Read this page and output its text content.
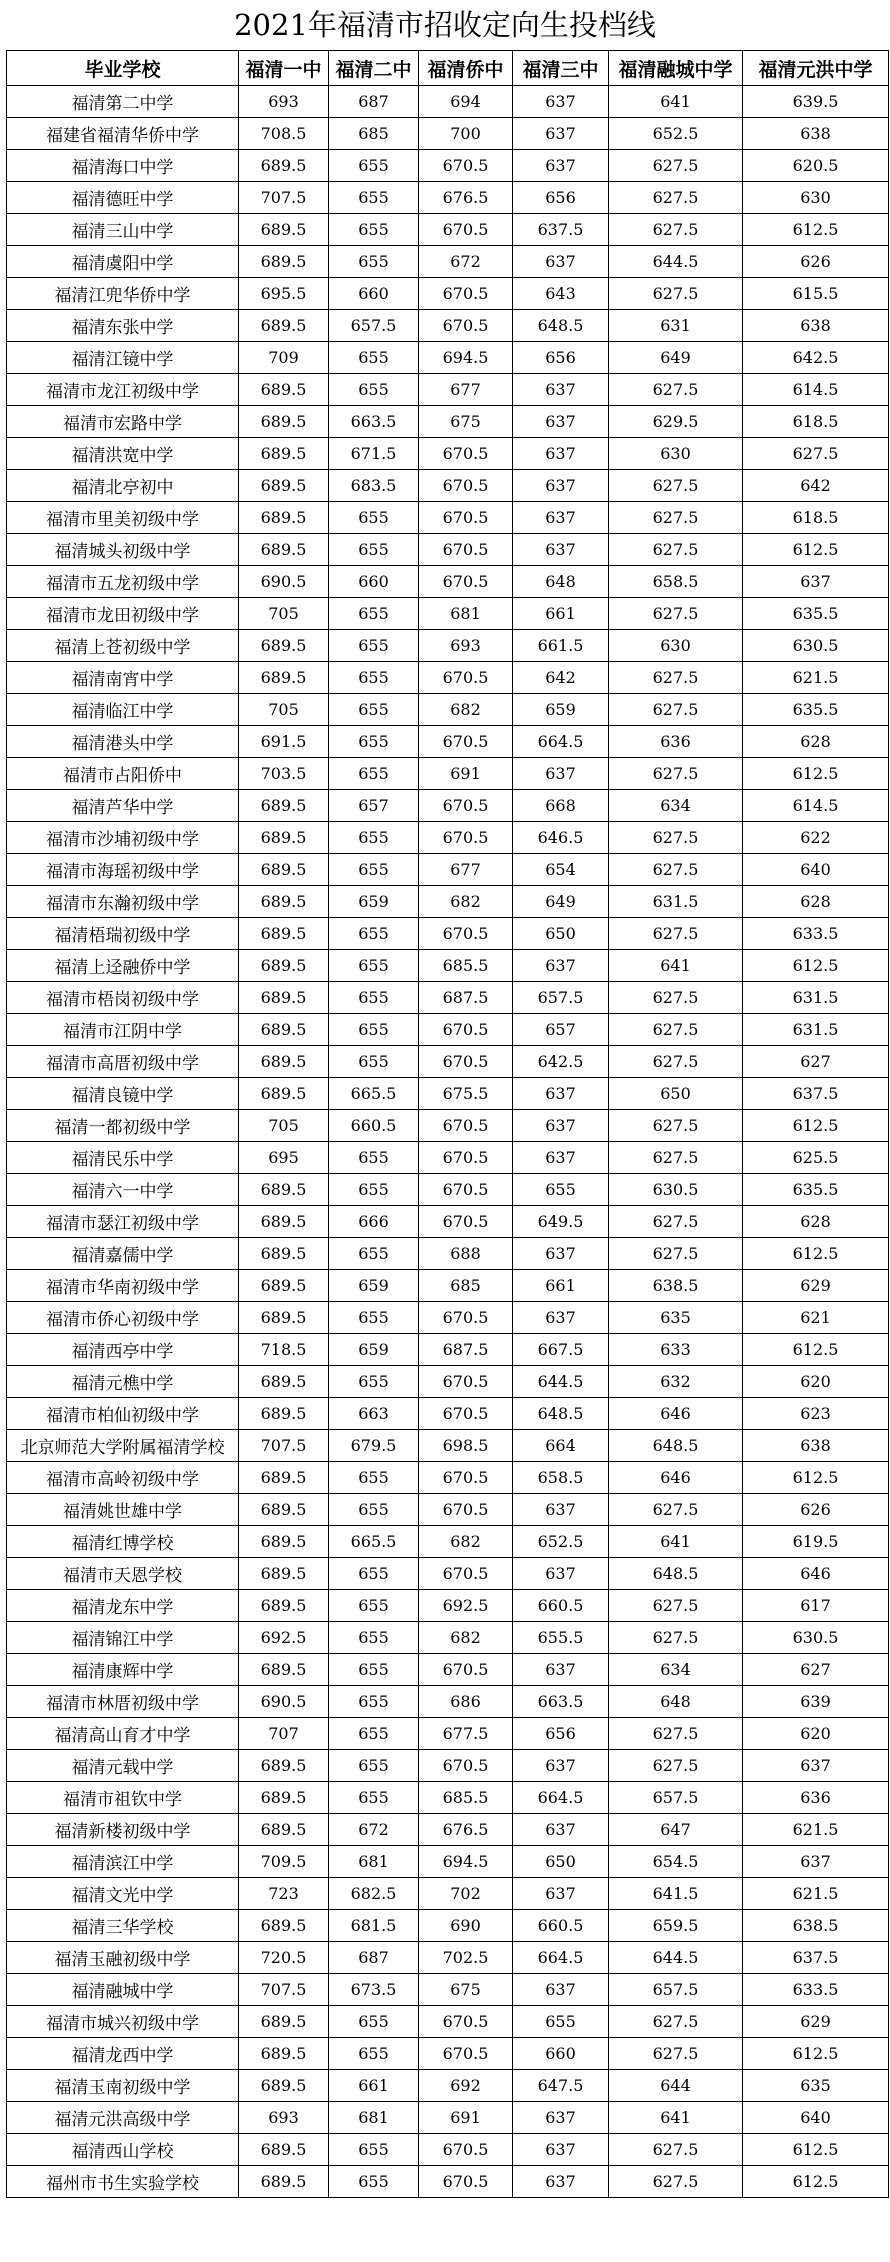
2021年福清市招收定向生投档线
毕业学校	福清一中	福清二中	福清侨中	福清三中	福清融城中学	福清元洪中学
福清第二中学	693	687	694	637	641	639.5
福建省福清华侨中学	708.5	685	700	637	652.5	638
福清海口中学	689.5	655	670.5	637	627.5	620.5
福清德旺中学	707.5	655	676.5	656	627.5	630
福清三山中学	689.5	655	670.5	637.5	627.5	612.5
福清虞阳中学	689.5	655	672	637	644.5	626
福清江兜华侨中学	695.5	660	670.5	643	627.5	615.5
福清东张中学	689.5	657.5	670.5	648.5	631	638
福清江镜中学	709	655	694.5	656	649	642.5
福清市龙江初级中学	689.5	655	677	637	627.5	614.5
福清市宏路中学	689.5	663.5	675	637	629.5	618.5
福清洪宽中学	689.5	671.5	670.5	637	630	627.5
福清北亭初中	689.5	683.5	670.5	637	627.5	642
福清市里美初级中学	689.5	655	670.5	637	627.5	618.5
福清城头初级中学	689.5	655	670.5	637	627.5	612.5
福清市五龙初级中学	690.5	660	670.5	648	658.5	637
福清市龙田初级中学	705	655	681	661	627.5	635.5
福清上苍初级中学	689.5	655	693	661.5	630	630.5
福清南宵中学	689.5	655	670.5	642	627.5	621.5
福清临江中学	705	655	682	659	627.5	635.5
福清港头中学	691.5	655	670.5	664.5	636	628
福清市占阳侨中	703.5	655	691	637	627.5	612.5
福清芦华中学	689.5	657	670.5	668	634	614.5
福清市沙埔初级中学	689.5	655	670.5	646.5	627.5	622
福清市海瑶初级中学	689.5	655	677	654	627.5	640
福清市东瀚初级中学	689.5	659	682	649	631.5	628
福清梧瑞初级中学	689.5	655	670.5	650	627.5	633.5
福清上迳融侨中学	689.5	655	685.5	637	641	612.5
福清市梧岗初级中学	689.5	655	687.5	657.5	627.5	631.5
福清市江阴中学	689.5	655	670.5	657	627.5	631.5
福清市高厝初级中学	689.5	655	670.5	642.5	627.5	627
福清良镜中学	689.5	665.5	675.5	637	650	637.5
福清一都初级中学	705	660.5	670.5	637	627.5	612.5
福清民乐中学	695	655	670.5	637	627.5	625.5
福清六一中学	689.5	655	670.5	655	630.5	635.5
福清市瑟江初级中学	689.5	666	670.5	649.5	627.5	628
福清嘉儒中学	689.5	655	688	637	627.5	612.5
福清市华南初级中学	689.5	659	685	661	638.5	629
福清市侨心初级中学	689.5	655	670.5	637	635	621
福清西亭中学	718.5	659	687.5	667.5	633	612.5
福清元樵中学	689.5	655	670.5	644.5	632	620
福清市柏仙初级中学	689.5	663	670.5	648.5	646	623
北京师范大学附属福清学校	707.5	679.5	698.5	664	648.5	638
福清市高岭初级中学	689.5	655	670.5	658.5	646	612.5
福清姚世雄中学	689.5	655	670.5	637	627.5	626
福清红博学校	689.5	665.5	682	652.5	641	619.5
福清市天恩学校	689.5	655	670.5	637	648.5	646
福清龙东中学	689.5	655	692.5	660.5	627.5	617
福清锦江中学	692.5	655	682	655.5	627.5	630.5
福清康辉中学	689.5	655	670.5	637	634	627
福清市林厝初级中学	690.5	655	686	663.5	648	639
福清高山育才中学	707	655	677.5	656	627.5	620
福清元载中学	689.5	655	670.5	637	627.5	637
福清市祖钦中学	689.5	655	685.5	664.5	657.5	636
福清新楼初级中学	689.5	672	676.5	637	647	621.5
福清滨江中学	709.5	681	694.5	650	654.5	637
福清文光中学	723	682.5	702	637	641.5	621.5
福清三华学校	689.5	681.5	690	660.5	659.5	638.5
福清玉融初级中学	720.5	687	702.5	664.5	644.5	637.5
福清融城中学	707.5	673.5	675	637	657.5	633.5
福清市城兴初级中学	689.5	655	670.5	655	627.5	629
福清龙西中学	689.5	655	670.5	660	627.5	612.5
福清玉南初级中学	689.5	661	692	647.5	644	635
福清元洪高级中学	693	681	691	637	641	640
福清西山学校	689.5	655	670.5	637	627.5	612.5
福州市书生实验学校	689.5	655	670.5	637	627.5	612.5
